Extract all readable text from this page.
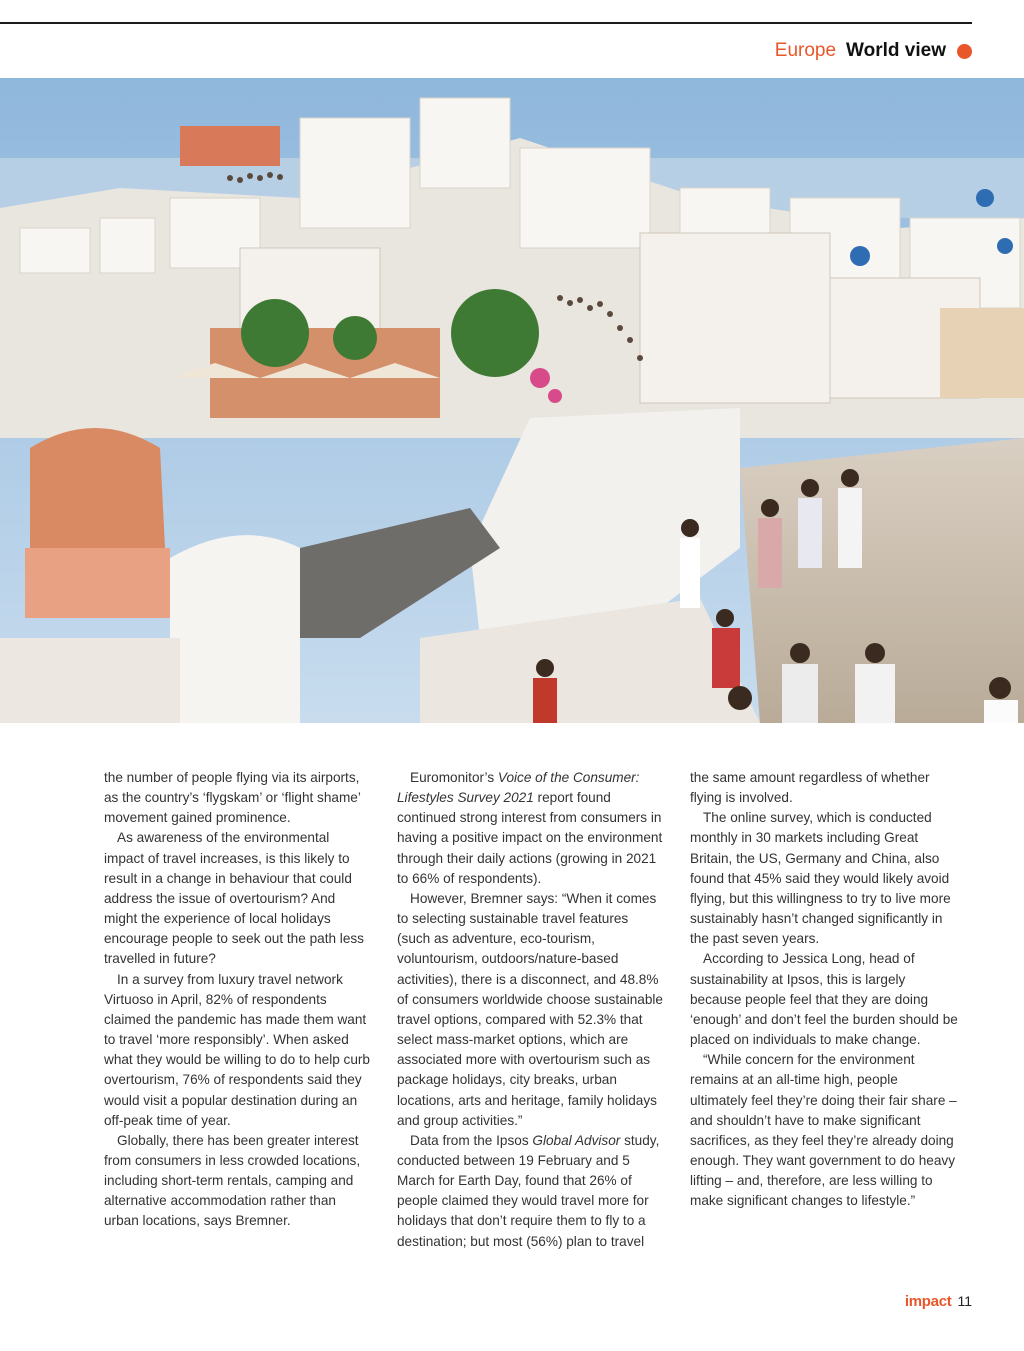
Europe World view

the number of people flying via its airports, as the country’s ‘flygskam’ or ‘flight shame’ movement gained prominence.

As awareness of the environmental impact of travel increases, is this likely to result in a change in behaviour that could address the issue of overtourism? And might the experience of local holidays encourage people to seek out the path less travelled in future?

In a survey from luxury travel network Virtuoso in April, 82% of respondents claimed the pandemic has made them want to travel ‘more responsibly’. When asked what they would be willing to do to help curb overtourism, 76% of respondents said they would visit a popular destination during an off-peak time of year.

Globally, there has been greater interest from consumers in less crowded locations, including short-term rentals, camping and alternative accommodation rather than urban locations, says Bremner.

Euromonitor’s Voice of the Consumer: Lifestyles Survey 2021 report found continued strong interest from consumers in having a positive impact on the environment through their daily actions (growing in 2021 to 66% of respondents).

However, Bremner says: “When it comes to selecting sustainable travel features (such as adventure, eco-tourism, voluntourism, outdoors/nature-based activities), there is a disconnect, and 48.8% of consumers worldwide choose sustainable travel options, compared with 52.3% that select mass-market options, which are associated more with overtourism such as package holidays, city breaks, urban locations, arts and heritage, family holidays and group activities.”

Data from the Ipsos Global Advisor study, conducted between 19 February and 5 March for Earth Day, found that 26% of people claimed they would travel more for holidays that don’t require them to fly to a destination; but most (56%) plan to travel

the same amount regardless of whether flying is involved.

The online survey, which is conducted monthly in 30 markets including Great Britain, the US, Germany and China, also found that 45% said they would likely avoid flying, but this willingness to try to live more sustainably hasn’t changed significantly in the past seven years.

According to Jessica Long, head of sustainability at Ipsos, this is largely because people feel that they are doing ‘enough’ and don’t feel the burden should be placed on individuals to make change.

“While concern for the environment remains at an all-time high, people ultimately feel they’re doing their fair share – and shouldn’t have to make significant sacrifices, as they feel they’re already doing enough. They want government to do heavy lifting – and, therefore, are less willing to make significant changes to lifestyle.”

impact 11
